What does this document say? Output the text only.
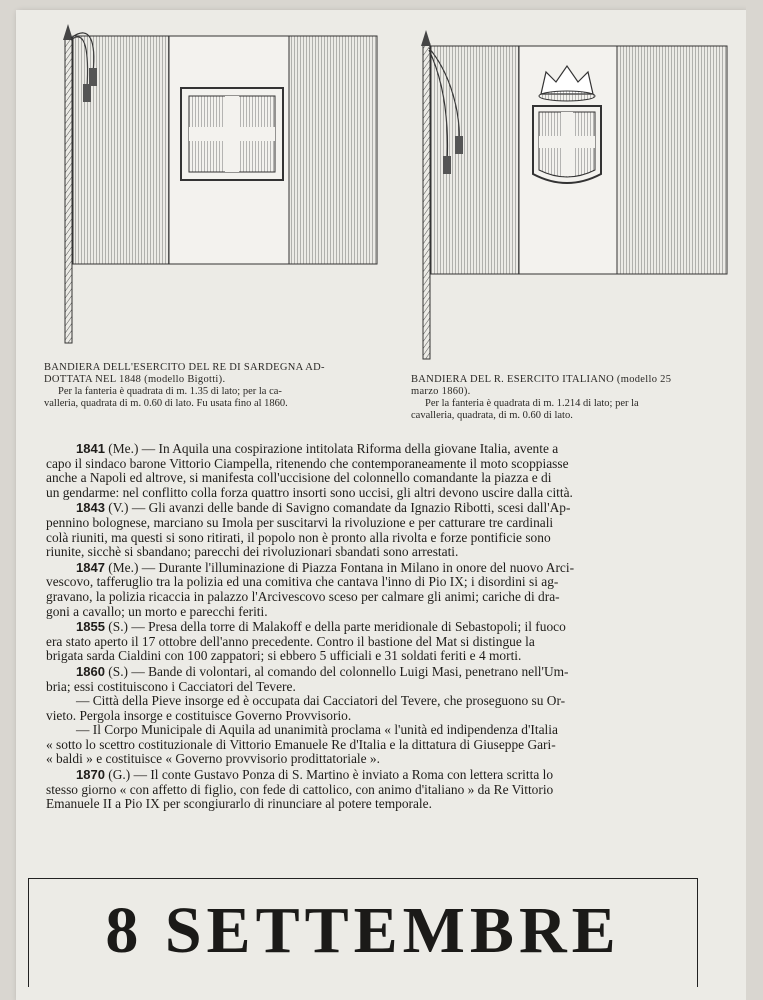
BANDIERA DELL'ESERCITO DEL RE DI SARDEGNA AD-
DOTTATA NEL 1848 (modello Bigotti).
Per la fanteria è quadrata di m. 1.35 di lato; per la ca-
valleria, quadrata di m. 0.60 di lato. Fu usata fino al 1860.
BANDIERA DEL R. ESERCITO ITALIANO (modello 25
marzo 1860).
Per la fanteria è quadrata di m. 1.214 di lato; per la
cavalleria, quadrata, di m. 0.60 di lato.
1841 (Me.) — In Aquila una cospirazione intitolata Riforma della giovane Italia, avente a
capo il sindaco barone Vittorio Ciampella, ritenendo che contemporaneamente il moto scoppiasse
anche a Napoli ed altrove, si manifesta coll'uccisione del colonnello comandante la piazza e di
un gendarme: nel conflitto colla forza quattro insorti sono uccisi, gli altri devono uscire dalla città.
1843 (V.) — Gli avanzi delle bande di Savigno comandate da Ignazio Ribotti, scesi dall'Ap-
pennino bolognese, marciano su Imola per suscitarvi la rivoluzione e per catturare tre cardinali
colà riuniti, ma questi si sono ritirati, il popolo non è pronto alla rivolta e forze pontificie sono
riunite, sicchè si sbandano; parecchi dei rivoluzionari sbandati sono arrestati.
1847 (Me.) — Durante l'illuminazione di Piazza Fontana in Milano in onore del nuovo Arci-
vescovo, tafferuglio tra la polizia ed una comitiva che cantava l'inno di Pio IX; i disordini si ag-
gravano, la polizia ricaccia in palazzo l'Arcivescovo sceso per calmare gli animi; cariche di dra-
goni a cavallo; un morto e parecchi feriti.
1855 (S.) — Presa della torre di Malakoff e della parte meridionale di Sebastopoli; il fuoco
era stato aperto il 17 ottobre dell'anno precedente. Contro il bastione del Mat si distingue la
brigata sarda Cialdini con 100 zappatori; si ebbero 5 ufficiali e 31 soldati feriti e 4 morti.
1860 (S.) — Bande di volontari, al comando del colonnello Luigi Masi, penetrano nell'Um-
bria; essi costituiscono i Cacciatori del Tevere.
— Città della Pieve insorge ed è occupata dai Cacciatori del Tevere, che proseguono su Or-
vieto. Pergola insorge e costituisce Governo Provvisorio.
— Il Corpo Municipale di Aquila ad unanimità proclama « l'unità ed indipendenza d'Italia
« sotto lo scettro costituzionale di Vittorio Emanuele Re d'Italia e la dittatura di Giuseppe Gari-
« baldi » e costituisce « Governo provvisorio prodittatoriale ».
1870 (G.) — Il conte Gustavo Ponza di S. Martino è inviato a Roma con lettera scritta lo
stesso giorno « con affetto di figlio, con fede di cattolico, con animo d'italiano » da Re Vittorio
Emanuele II a Pio IX per scongiurarlo di rinunciare al potere temporale.
8 SETTEMBRE
